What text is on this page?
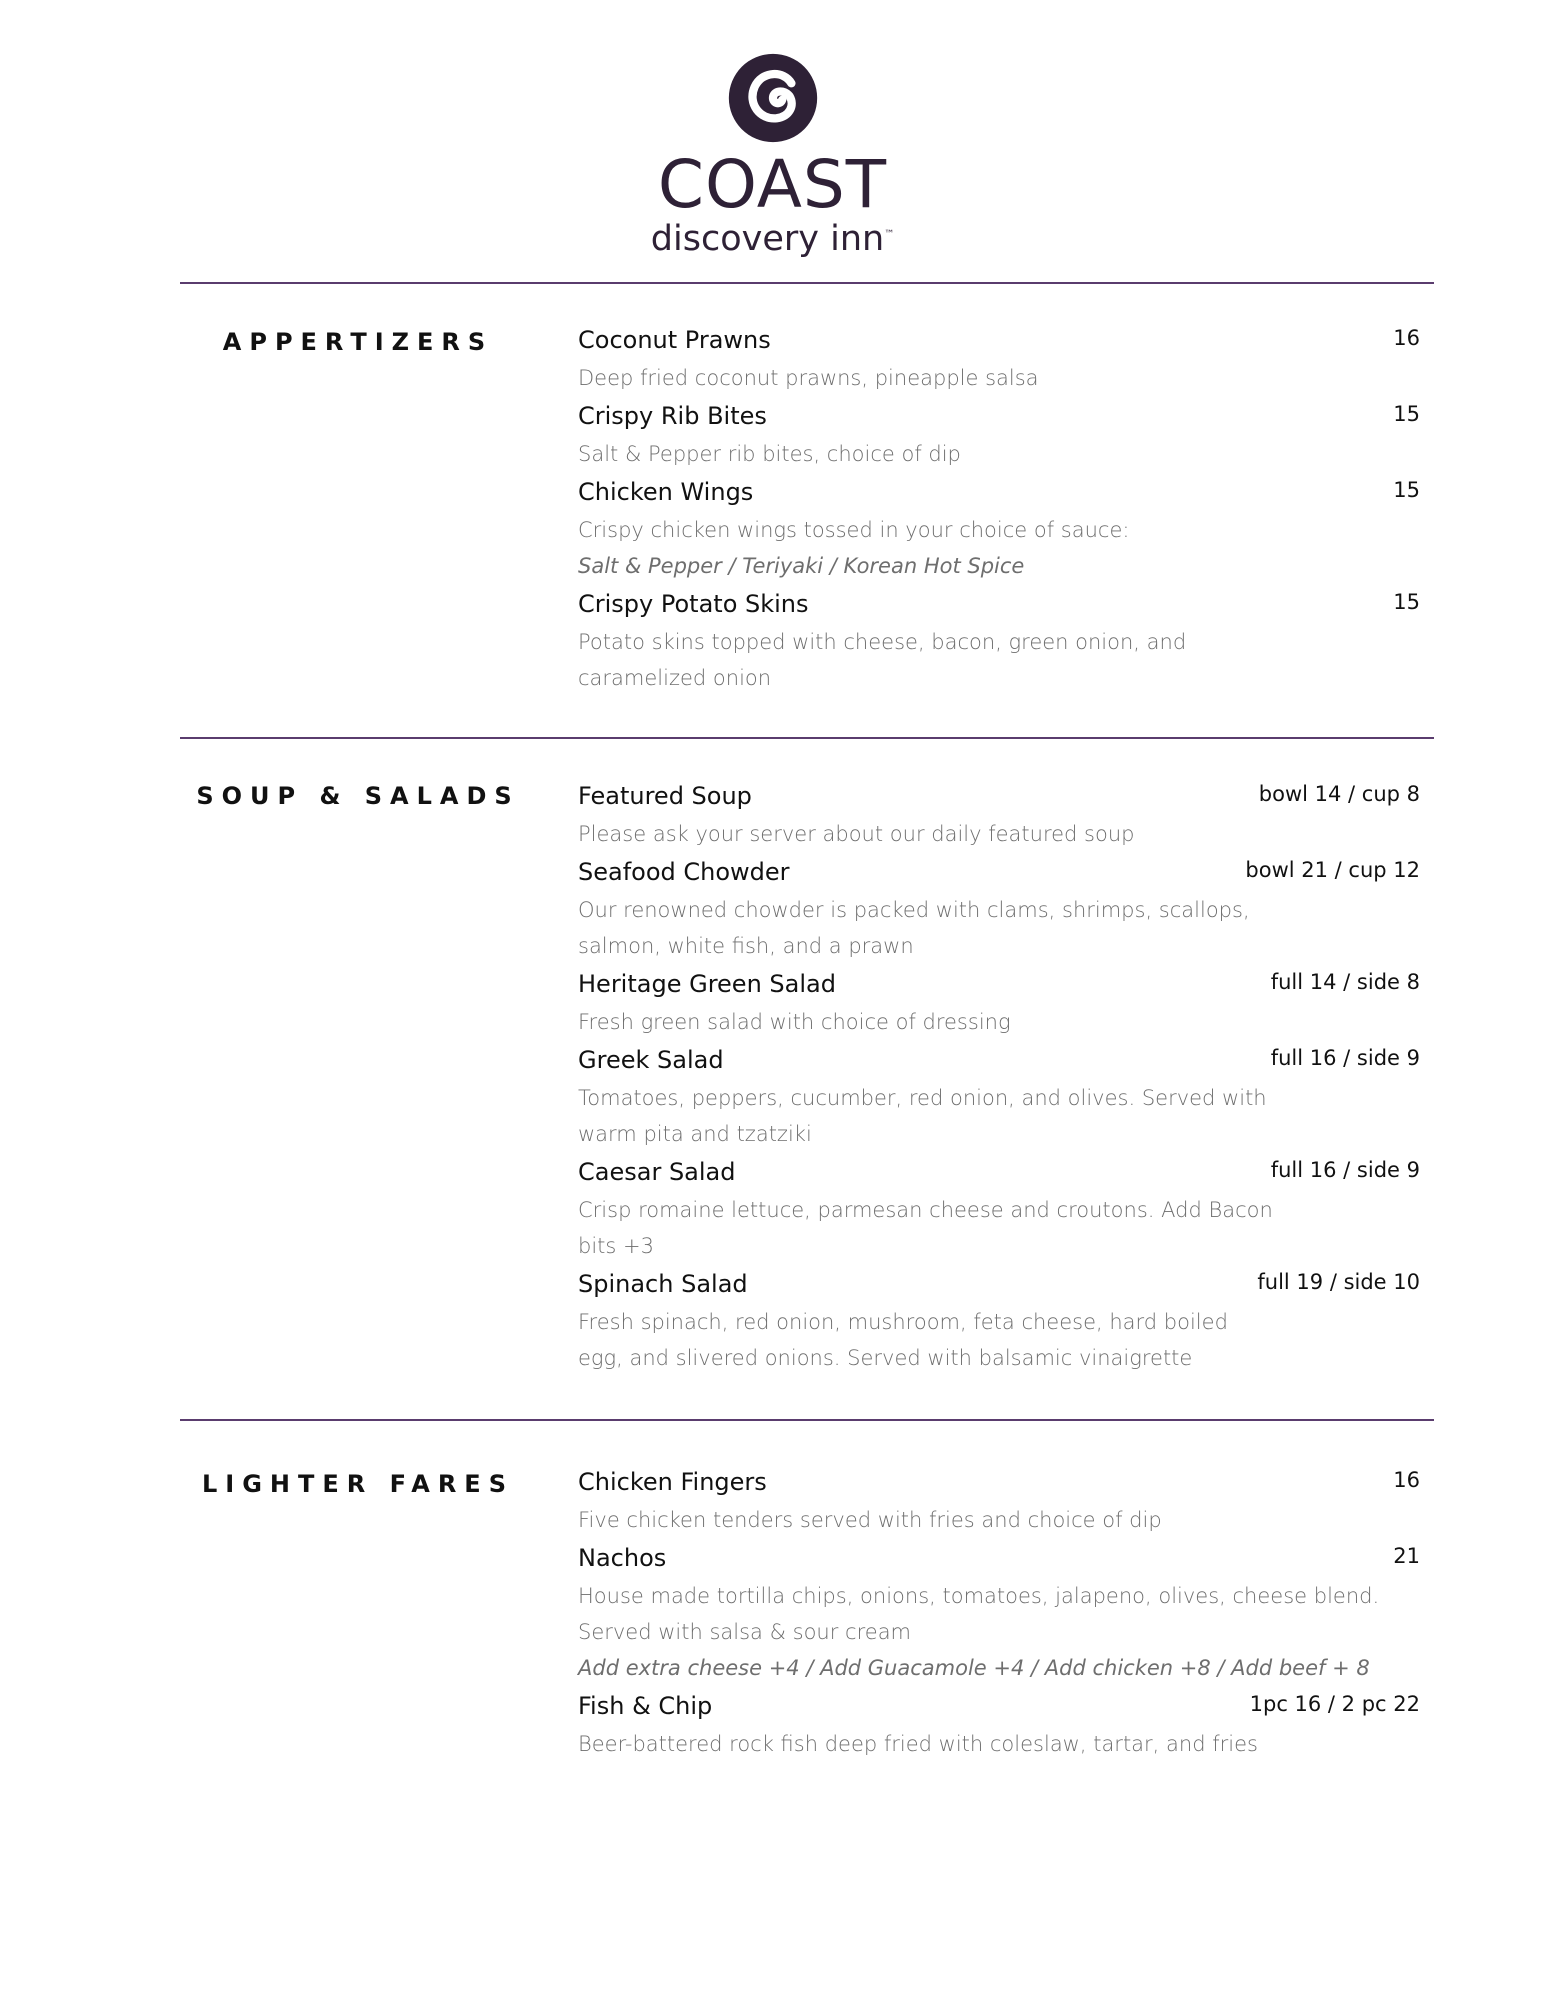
COAST
discovery inn™
APPERTIZERS	Coconut Prawns	16
Deep fried coconut prawns, pineapple salsa
Crispy Rib Bites	15
Salt & Pepper rib bites, choice of dip
Chicken Wings	15
Crispy chicken wings tossed in your choice of sauce:
Salt & Pepper / Teriyaki / Korean Hot Spice
Crispy Potato Skins	15
Potato skins topped with cheese, bacon, green onion, and caramelized onion
SOUP & SALADS	Featured Soup	bowl 14 / cup 8
Please ask your server about our daily featured soup
Seafood Chowder	bowl 21 / cup 12
Our renowned chowder is packed with clams, shrimps, scallops, salmon, white fish, and a prawn
Heritage Green Salad	full 14 / side 8
Fresh green salad with choice of dressing
Greek Salad	full 16 / side 9
Tomatoes, peppers, cucumber, red onion, and olives. Served with warm pita and tzatziki
Caesar Salad	full 16 / side 9
Crisp romaine lettuce, parmesan cheese and croutons. Add Bacon bits +3
Spinach Salad	full 19 / side 10
Fresh spinach, red onion, mushroom, feta cheese, hard boiled egg, and slivered onions. Served with balsamic vinaigrette
LIGHTER FARES	Chicken Fingers	16
Five chicken tenders served with fries and choice of dip
Nachos	21
House made tortilla chips, onions, tomatoes, jalapeno, olives, cheese blend. Served with salsa & sour cream
Add extra cheese +4 / Add Guacamole +4 / Add chicken +8 / Add beef + 8
Fish & Chip	1pc 16 / 2 pc 22
Beer-battered rock fish deep fried with coleslaw, tartar, and fries
